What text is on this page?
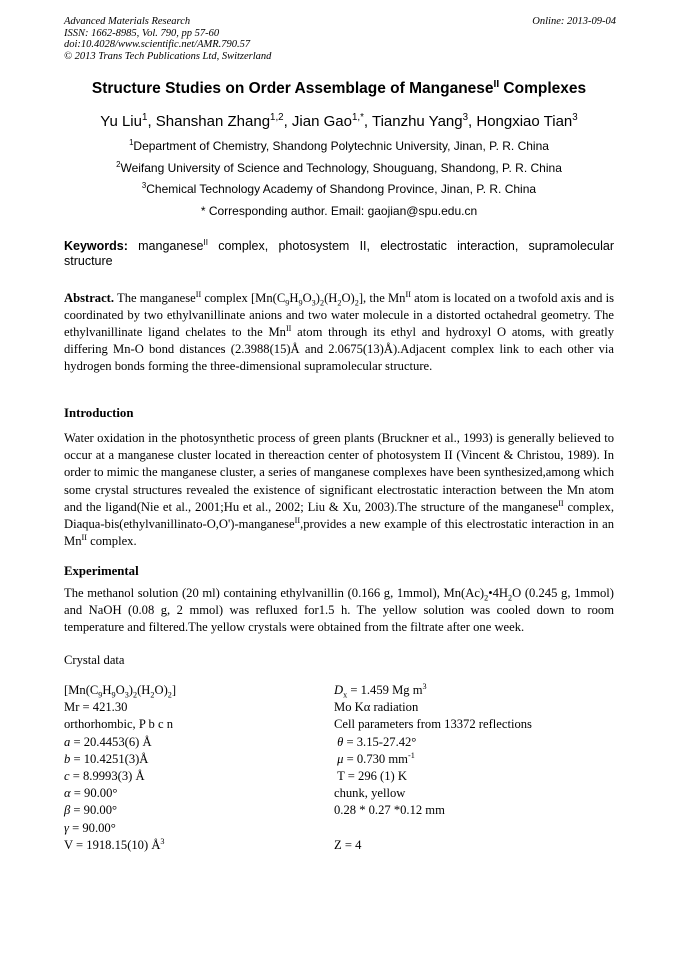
Advanced Materials Research
ISSN: 1662-8985, Vol. 790, pp 57-60
doi:10.4028/www.scientific.net/AMR.790.57
© 2013 Trans Tech Publications Ltd, Switzerland
Online: 2013-09-04
Structure Studies on Order Assemblage of Manganese$^{II}$ Complexes
Yu Liu$^1$, Shanshan Zhang$^{1,2}$, Jian Gao$^{1,*}$, Tianzhu Yang$^3$, Hongxiao Tian$^3$
$^1$Department of Chemistry, Shandong Polytechnic University, Jinan, P. R. China
$^2$Weifang University of Science and Technology, Shouguang, Shandong, P. R. China
$^3$Chemical Technology Academy of Shandong Province, Jinan, P. R. China
* Corresponding author. Email: gaojian@spu.edu.cn
Keywords: manganese$^{II}$ complex, photosystem II, electrostatic interaction, supramolecular structure
Abstract. The manganese$^{II}$ complex $[Mn(C_9H_9O_3)_2(H_2O)_2]$, the $Mn^{II}$ atom is located on a twofold axis and is coordinated by two ethylvanillinate anions and two water molecule in a distorted octahedral geometry. The ethylvanillinate ligand chelates to the $Mn^{II}$ atom through its ethyl and hydroxyl O atoms, with greatly differing Mn-O bond distances (2.3988(15)Å and 2.0675(13)Å).Adjacent complex link to each other via hydrogen bonds forming the three-dimensional supramolecular structure.
Introduction
Water oxidation in the photosynthetic process of green plants (Bruckner et al., 1993) is generally believed to occur at a manganese cluster located in thereaction center of photosystem II (Vincent & Christou, 1989). In order to mimic the manganese cluster, a series of manganese complexes have been synthesized,among which some crystal structures revealed the existence of significant electrostatic interaction between the Mn atom and the ligand(Nie et al., 2001;Hu et al., 2002; Liu & Xu, 2003).The structure of the manganese$^{II}$ complex, Diaqua-bis(ethylvanillinato-O,O')-manganese$^{II}$,provides a new example of this electrostatic interaction in an $Mn^{II}$ complex.
Experimental
The methanol solution (20 ml) containing ethylvanillin (0.166 g, 1mmol), $Mn(Ac)_2•4H_2O$ (0.245 g, 1mmol) and NaOH (0.08 g, 2 mmol) was refluxed for1.5 h. The yellow solution was cooled down to room temperature and filtered.The yellow crystals were obtained from the filtrate after one week.
Crystal data
$[Mn(C_9H_9O_3)_2(H_2O)_2]$	$D_x = 1.459$ Mg $m^3$
Mr = 421.30	Mo Kα radiation
orthorhombic, P b c n	Cell parameters from 13372 reflections
a = 20.4453(6) Å	θ = 3.15-27.42°
b = 10.4251(3)Å	μ = 0.730 $mm^{-1}$
c = 8.9993(3) Å	T = 296 (1) K
α = 90.00°	chunk, yellow
β = 90.00°	0.28 * 0.27 *0.12 mm
γ = 90.00°
V = 1918.15(10) $Å^3$	Z = 4
